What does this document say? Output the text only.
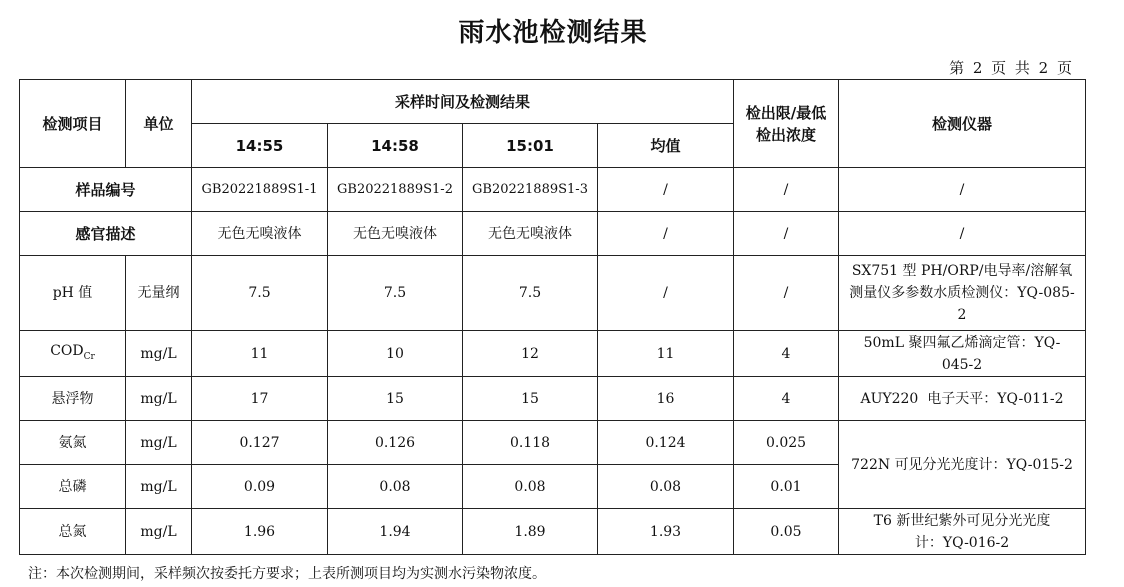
雨水池检测结果
第 2 页 共 2 页
检测项目	单位	采样时间及检测结果				检出限/最低检出浓度	检测仪器
		14:55	14:58	15:01	均值		
样品编号		GB20221889S1-1	GB20221889S1-2	GB20221889S1-3	/	/	/
感官描述		无色无嗅液体	无色无嗅液体	无色无嗅液体	/	/	/
pH 值	无量纲	7.5	7.5	7.5	/	/	SX751 型 PH/ORP/电导率/溶解氧测量仪多参数水质检测仪：YQ-085-2
$COD_{Cr}$	mg/L	11	10	12	11	4	50mL 聚四氟乙烯滴定管：YQ-045-2
悬浮物	mg/L	17	15	15	16	4	AUY220  电子天平：YQ-011-2
氨氮	mg/L	0.127	0.126	0.118	0.124	0.025	722N 可见分光光度计：YQ-015-2
总磷	mg/L	0.09	0.08	0.08	0.08	0.01	
总氮	mg/L	1.96	1.94	1.89	1.93	0.05	T6 新世纪紫外可见分光光度计：YQ-016-2
注：本次检测期间，采样频次按委托方要求；上表所测项目均为实测水污染物浓度。
